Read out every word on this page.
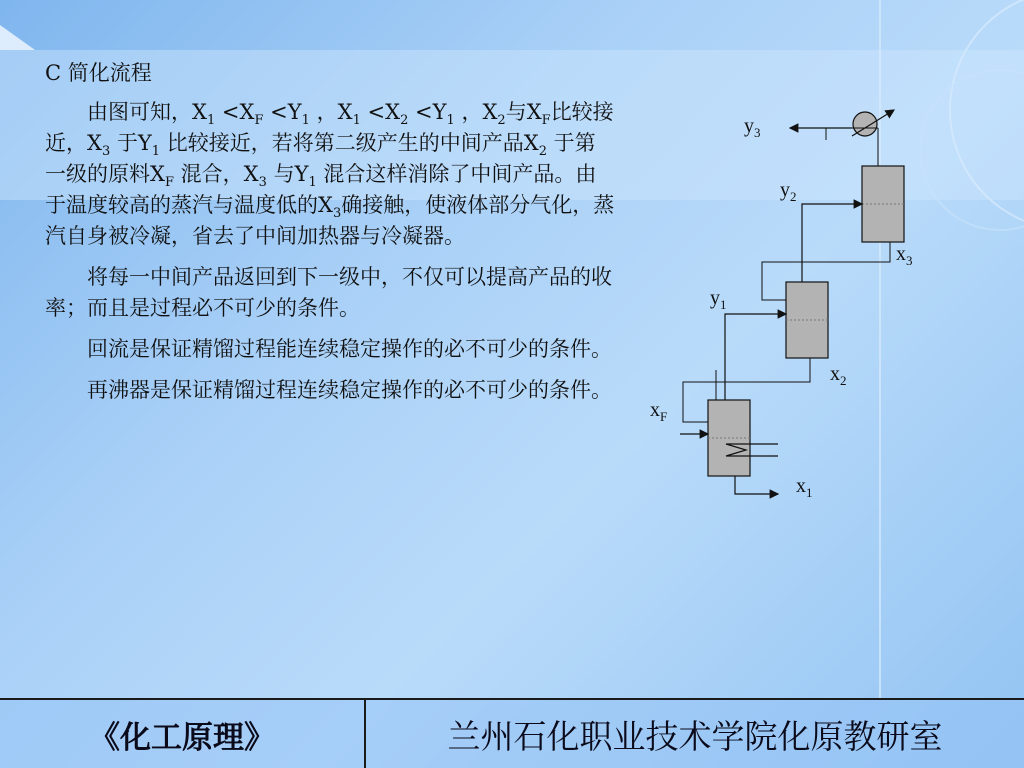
C 简化流程

由图可知，$X_1 <X_F <Y_1$ ，$X_1 <X_2 <Y_1$ ，$X_2$与$X_F$比较接近，$X_3$ 于$Y_1$ 比较接近，若将第二级产生的中间产品$X_2$ 于第一级的原料$X_F$ 混合，$X_3$ 与$Y_1$ 混合这样消除了中间产品。由于温度较高的蒸汽与温度低的$X_3$确接触，使液体部分气化，蒸汽自身被冷凝，省去了中间加热器与冷凝器。

将每一中间产品返回到下一级中，不仅可以提高产品的收率；而且是过程必不可少的条件。

回流是保证精馏过程能连续稳定操作的必不可少的条件。

再沸器是保证精馏过程连续稳定操作的必不可少的条件。

$y_3$
$y_2$
$x_3$
$y_1$
$x_2$
$x_F$
$x_1$
《化工原理》	兰州石化职业技术学院化原教研室
